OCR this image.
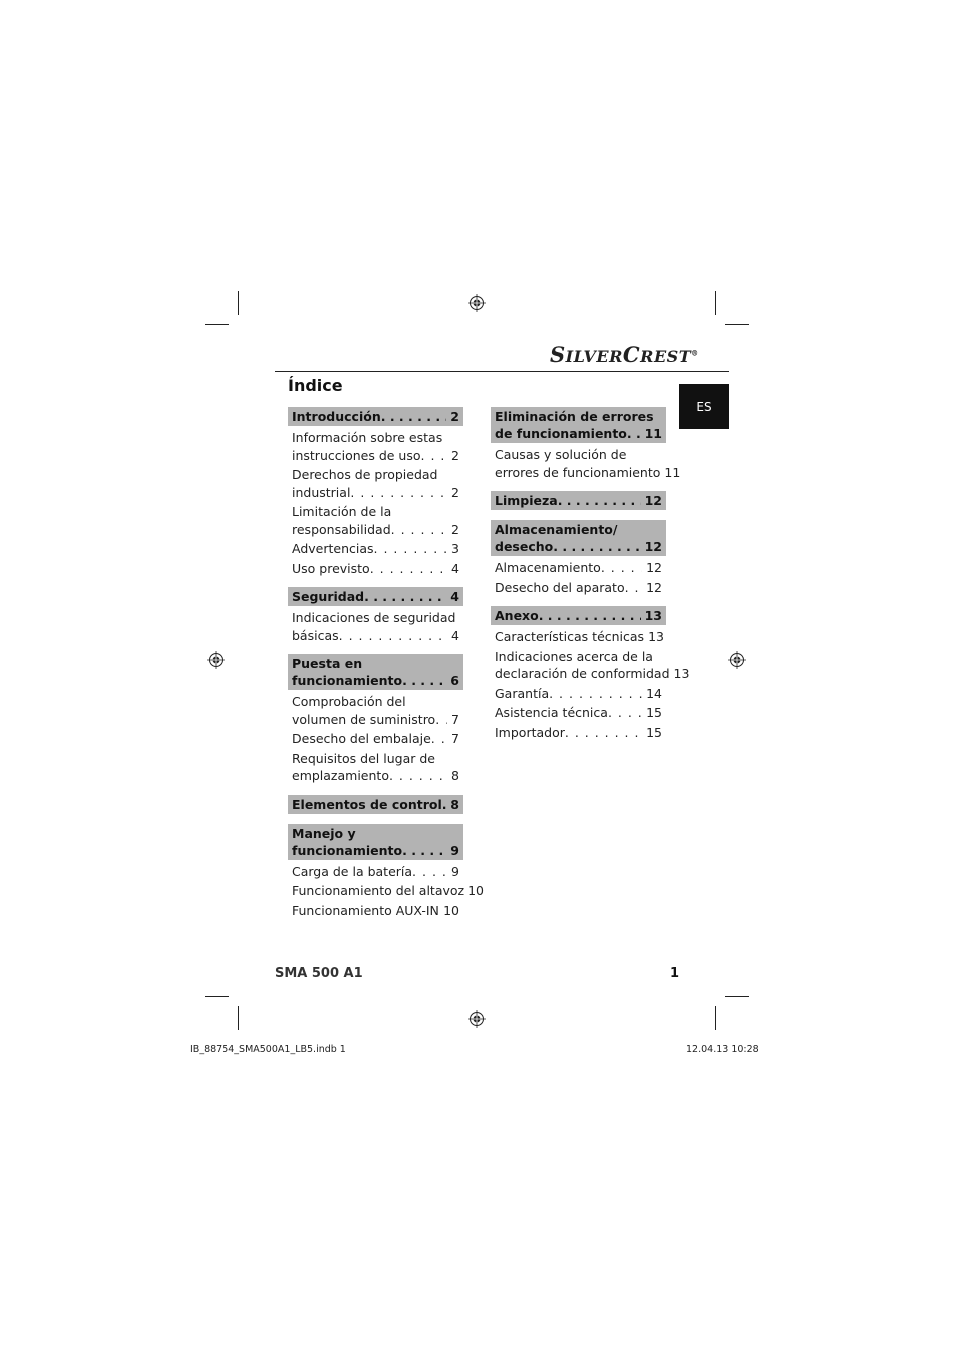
SILVERCREST®
ES
Índice
Introducción . . .	2
Información sobre estas
instrucciones de uso . . .	2
Derechos de propiedad
industrial . . .	2
Limitación de la
responsabilidad . . .	2
Advertencias . . .	3
Uso previsto . . .	4
Seguridad . . .	4
Indicaciones de seguridad
básicas . . .	4
Puesta en
funcionamiento . . .	6
Comprobación del
volumen de suministro . . .	7
Desecho del embalaje . . .	7
Requisitos del lugar de
emplazamiento . . .	8
Elementos de control . . . 8
Manejo y
funcionamiento . . .	9
Carga de la batería . . .	9
Funcionamiento del altavoz 10
Funcionamiento AUX-IN . . . 10
Eliminación de errores
de funcionamiento . . .	11
Causas y solución de
errores de funcionamiento 11
Limpieza . . .	12
Almacenamiento/
desecho . . .	12
Almacenamiento . . .	12
Desecho del aparato . . .	12
Anexo . . .	13
Características técnicas 13
Indicaciones acerca de la
declaración de conformidad 13
Garantía . . .	14
Asistencia técnica . . .	15
Importador . . .	15
SMA 500 A1	1
IB_88754_SMA500A1_LB5.indb 1	12.04.13 10:28
